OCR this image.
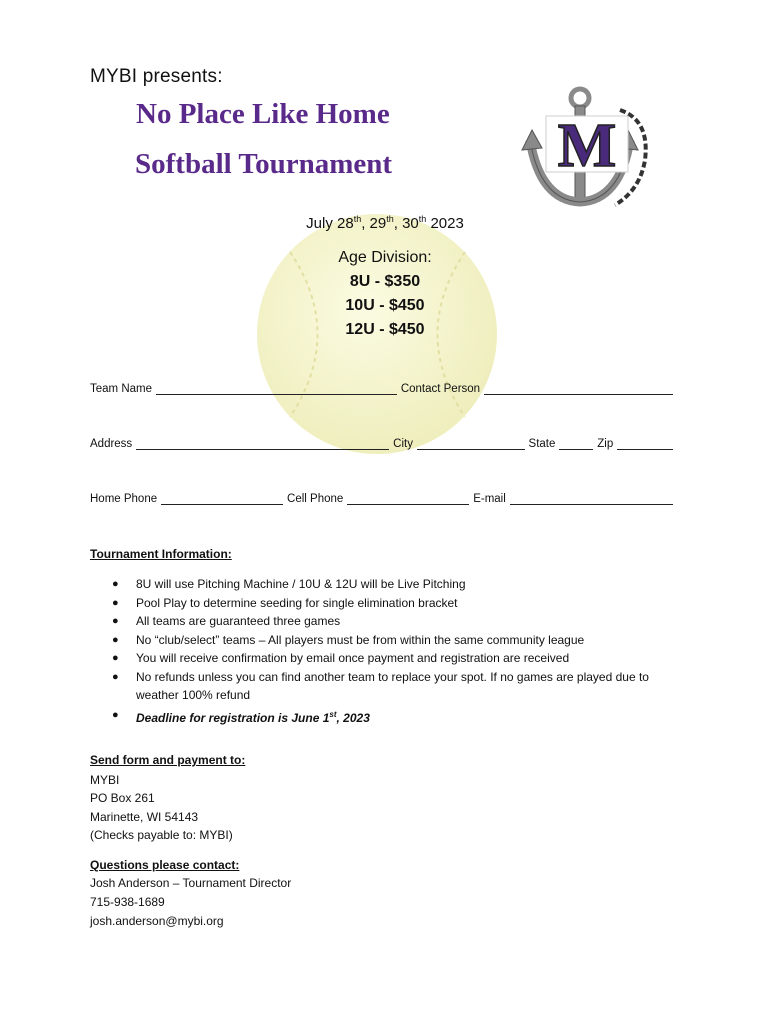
MYBI presents:
No Place Like Home
Softball Tournament	M
July 28th, 29th, 30th 2023
Age Division:
8U - $350
10U - $450
12U - $450
Team Name	Contact Person
Address	City	State	Zip
Home Phone	Cell Phone	E-mail
Tournament Information:
● 8U will use Pitching Machine / 10U & 12U will be Live Pitching
● Pool Play to determine seeding for single elimination bracket
● All teams are guaranteed three games
● No “club/select” teams – All players must be from within the same community league
● You will receive confirmation by email once payment and registration are received
● No refunds unless you can find another team to replace your spot. If no games are played due to weather 100% refund
● Deadline for registration is June 1st, 2023
Send form and payment to:
MYBI
PO Box 261
Marinette, WI 54143
(Checks payable to: MYBI)
Questions please contact:
Josh Anderson – Tournament Director
715-938-1689
josh.anderson@mybi.org
